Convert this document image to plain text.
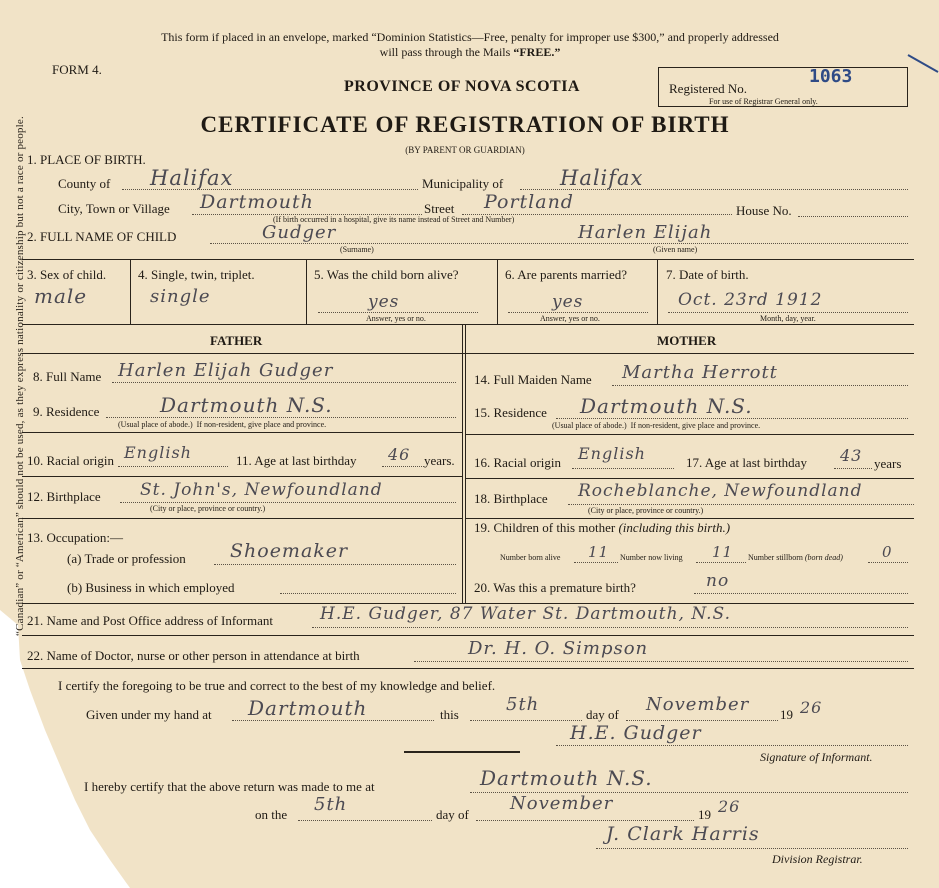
“Canadian” or “American” should not be used, as they express nationality or citizenship but not a race or people.
This form if placed in an envelope, marked “Dominion Statistics—Free, penalty for improper use $300,” and properly addressed
will pass through the Mails “FREE.”
FORM 4.
PROVINCE OF NOVA SCOTIA	Registered No.
1063
For use of Registrar General only.
CERTIFICATE OF REGISTRATION OF BIRTH
(BY PARENT OR GUARDIAN)
1. PLACE OF BIRTH.
County of Halifax	Municipality of	Halifax
City, Town or Village Dartmouth	Street Portland	House No.
(If birth occurred in a hospital, give its name instead of Street and Number)
2. FULL NAME OF CHILD	Gudger	Harlen Elijah
(Surname)	(Given name)
3. Sex of child.
male
4. Single, twin, triplet.
single
5. Was the child born alive?
yes
Answer, yes or no.
6. Are parents married?
yes
Answer, yes or no.
7. Date of birth.
Oct. 23rd 1912
Month, day, year.
FATHER	MOTHER
8. Full Name Harlen Elijah Gudger
9. Residence	Dartmouth N.S.
(Usual place of abode.) If non-resident, give place and province.
10. Racial origin English	11. Age at last birthday 46 years.
12. Birthplace St. John's, Newfoundland
(City or place, province or country.)
13. Occupation:—
(a) Trade or profession Shoemaker
(b) Business in which employed
14. Full Maiden Name Martha Herrott
15. Residence Dartmouth N.S.
(Usual place of abode.) If non-resident, give place and province.
16. Racial origin English	17. Age at last birthday 43 years
18. Birthplace Rocheblanche, Newfoundland
(City or place, province or country.)
19. Children of this mother (including this birth.)
Number born alive 11 Number now living 11 Number stillborn (born dead)	0
20. Was this a premature birth?	no
21. Name and Post Office address of Informant	H.E. Gudger, 87 Water St. Dartmouth, N.S.
22. Name of Doctor, nurse or other person in attendance at birth	Dr. H. O. Simpson
I certify the foregoing to be true and correct to the best of my knowledge and belief.
Given under my hand at Dartmouth	this	5th	day of November 19 26
H.E. Gudger
Signature of Informant.
I hereby certify that the above return was made to me at	Dartmouth N.S.
on the 5th	day of
November
19 26
J. Clark Harris
Division Registrar.
